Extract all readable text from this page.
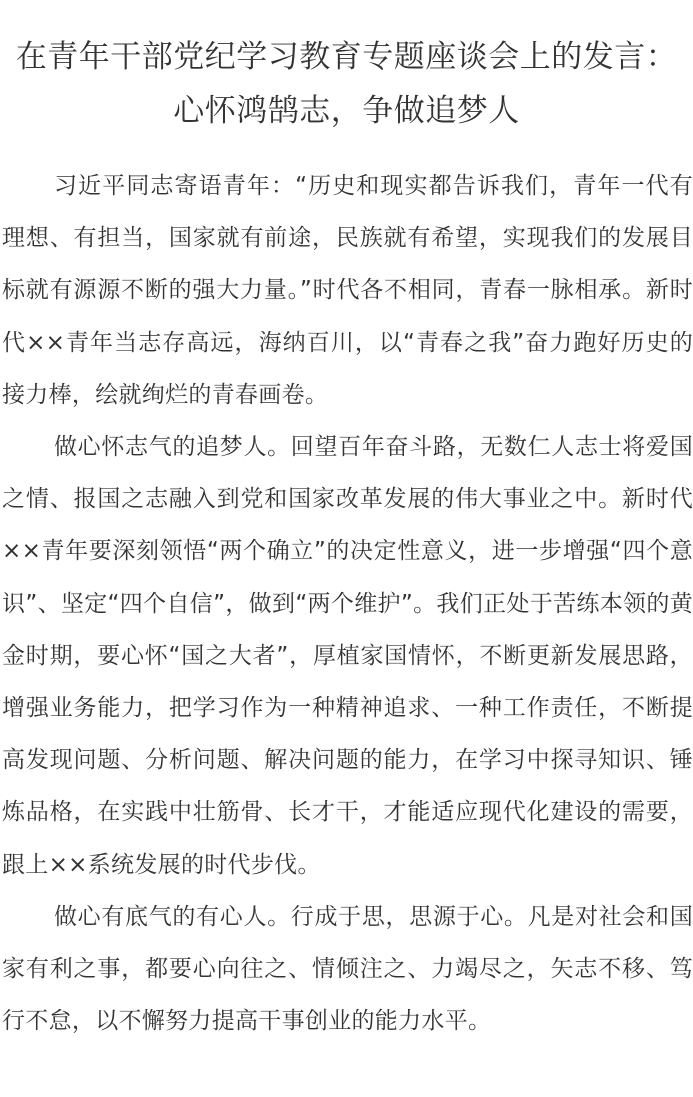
在青年干部党纪学习教育专题座谈会上的发言：心怀鸿鹄志，争做追梦人

习近平同志寄语青年：“历史和现实都告诉我们，青年一代有理想、有担当，国家就有前途，民族就有希望，实现我们的发展目标就有源源不断的强大力量。”时代各不相同，青春一脉相承。新时代××青年当志存高远，海纳百川，以“青春之我”奋力跑好历史的接力棒，绘就绚烂的青春画卷。

做心怀志气的追梦人。回望百年奋斗路，无数仁人志士将爱国之情、报国之志融入到党和国家改革发展的伟大事业之中。新时代××青年要深刻领悟“两个确立”的决定性意义，进一步增强“四个意识”、坚定“四个自信”，做到“两个维护”。我们正处于苦练本领的黄金时期，要心怀“国之大者”，厚植家国情怀，不断更新发展思路，增强业务能力，把学习作为一种精神追求、一种工作责任，不断提高发现问题、分析问题、解决问题的能力，在学习中探寻知识、锤炼品格，在实践中壮筋骨、长才干，才能适应现代化建设的需要，跟上××系统发展的时代步伐。

做心有底气的有心人。行成于思，思源于心。凡是对社会和国家有利之事，都要心向往之、情倾注之、力竭尽之，矢志不移、笃行不怠，以不懈努力提高干事创业的能力水平。
